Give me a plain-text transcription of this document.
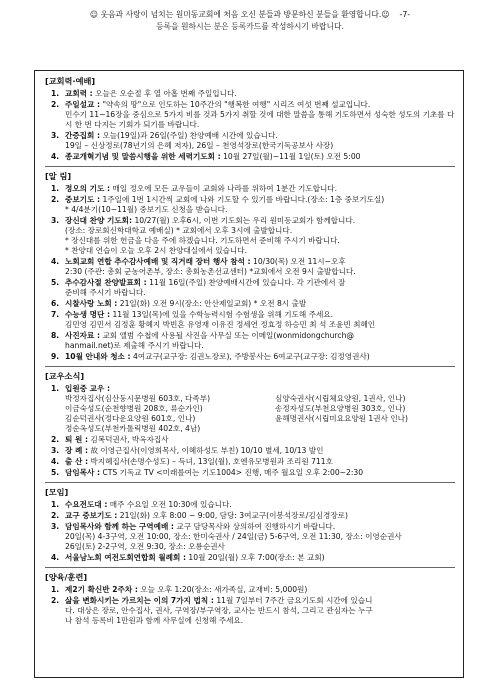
☺ 웃음과 사랑이 넘치는 원미동교회에 처음 오신 분들과 방문하신 분들을 환영합니다.☺ -7-
등록을 원하시는 분은 등록카드를 작성하시기 바랍니다.
[교회력·예배]
1. 교회력 : 오늘은 오순절 후 열 아홉 번째 주일입니다.
2. 주일설교 : "약속의 땅"으로 인도하는 10주간의 "행복한 여행" 시리즈 여섯 번째 설교입니다.
민수기 11~16장을 중심으로 5가지 비를 것과 5가지 취할 것에 대한 말씀을 통해 기도하면서 성숙한 성도의 기초를 다시 한 번 다지는 기회가 되기를 바랍니다.
3. 간증집회 : 오늘(19일)과 26일(주일) 찬양예배 시간에 있습니다.
19일 – 신상정로(78년기의 은혜 저자), 26일 – 천영석장로(한국기독공보사 사장)
4. 종교개혁기념 및 말씀시행을 위한 세력기도회 : 10월 27일(월)~11월 1일(토) 오전 5:00
[알 림]
1. 정오의 기도 : 매일 정오에 모든 교우들이 교회와 나라를 위하여 1분간 기도합니다.
2. 중보기도 : 1주일에 1번 1시간씩 교회에 나와 기도할 수 있기를 바랍니다.(장소: 1층 중보기도실)
* 4/4분기(10~11월) 중보기도 신청을 받습니다.
3. 장신대 찬양 기도회: 10/27(월) 오후6시, 이번 기도회는 우리 원미동교회가 함께합니다.
(장소: 장로회신학대학교 예배실) * 교회에서 오후 3시에 출발합니다.
* 장신대를 위한 헌금을 다음 주에 하겠습니다. 기도하면서 준비해 주시기 바랍니다.
* 찬양대 연습이 오늘 오후 2시 찬양대실에서 있습니다.
4. 노회교회 연합 추수감사예배 및 직거래 장터 행사 참석 : 10/30(목) 오전 11시~오후
2:30 (주관: 총회 군농어촌부, 장소: 총회농촌선교센터) *교회에서 오전 9시 출발합니다.
5. 추수감사절 찬양발표회 : 11월 16일(주일) 찬양예배시간에 있습니다. 각 기관에서 잘
준비해 주시기 바랍니다.
6. 시찰사랑 노회 : 21일(화) 오전 9시(장소: 안산제일교회) * 오전 8시 출발
7. 수능생 명단 : 11월 13일(목)에 있을 수학능력시험 수험생을 위해 기도해 주세요.
김민영 김민서 김정훈 황혜지 박빈혼 유영재 이유진 정세연 정효정 하승민 최 석 조윤빈 최혜인
8. 사진자료 : 교회 앨범 수첩에 사용될 사진을 사무실 또는 이메일(wonmidongchurch@
hanmail.net)로 제출해 주시기 바랍니다.
9. 10월 안내와 청소 : 4여교구(교구장: 김권노장로), 주방봉사는 6여교구(교구장: 김정영권사)
[교우소식]
1. 입원중 교우 :
박정자집사(심산둥시문병원 603호, 다족부)	심양숙권사(시립체요양원, 1권사, 인나)
이금숙성도(순천향병원 208호, 류순가인)	송정자성도(부천요양병원 303호, 인나)
김순덕권사(정다운요양원 601호, 인나)	윤해명권사(시립미요요양원 1권사 인나)
정순옥성도(부천카톨릭병원 402호, 4남)
2. 퇴 원 : 김복덕권사, 박옥자집사
3. 장 례 : 故 이영근집사(이영희목사, 이혜하성도 부친) 10/10 별세, 10/13 발인
4. 출 산 : 박지혜집사(손명수성도) – 득녀, 13일(월), 호엔유모병원과 조리원 711호
5. 담임목사 : CTS 기독교 TV <미래를여는 기도1004> 진행, 매주 월요일 오후 2:00~2:30
[모임]
1. 수요전도대 : 매주 수요일 오전 10:30에 있습니다.
2. 교구 중보기도 : 21일(화) 오후 8:00 ~ 9:00, 담당: 3여교구(이봉석장로/김심경장로)
3. 담임목사와 함께 하는 구역예배 : 교구 담당목사와 상의하여 진행하시기 바랍니다.
20일(목) 4-3구역, 오전 10:00, 장소: 한미숙권사 / 24일(금) 5-6구역, 오전 11:30, 장소: 이영순권사
26일(토) 2-2구역, 오전 9:30, 장소: 오룡순권사
4. 서울남노회 여전도회연합회 월례회 : 10월 20일(월) 오후 7:00(장소: 본 교회)
[양육/훈련]
1. 제2기 확신반 2주차 : 오늘 오후 1:20(장소: 새가족실, 교재비: 5,000원)
2. 삶을 변화시키는 가르치는 이의 7가지 법칙 : 11월 7일부터 7주간 금요기도회 시간에 있습니
다. 대상은 장로, 안수집사, 권사, 구역장/부구역장, 교사는 반드시 참석, 그리고 관심자는 누구
나 참석 등록비 1만원과 함께 사무실에 신청해 주세요.
